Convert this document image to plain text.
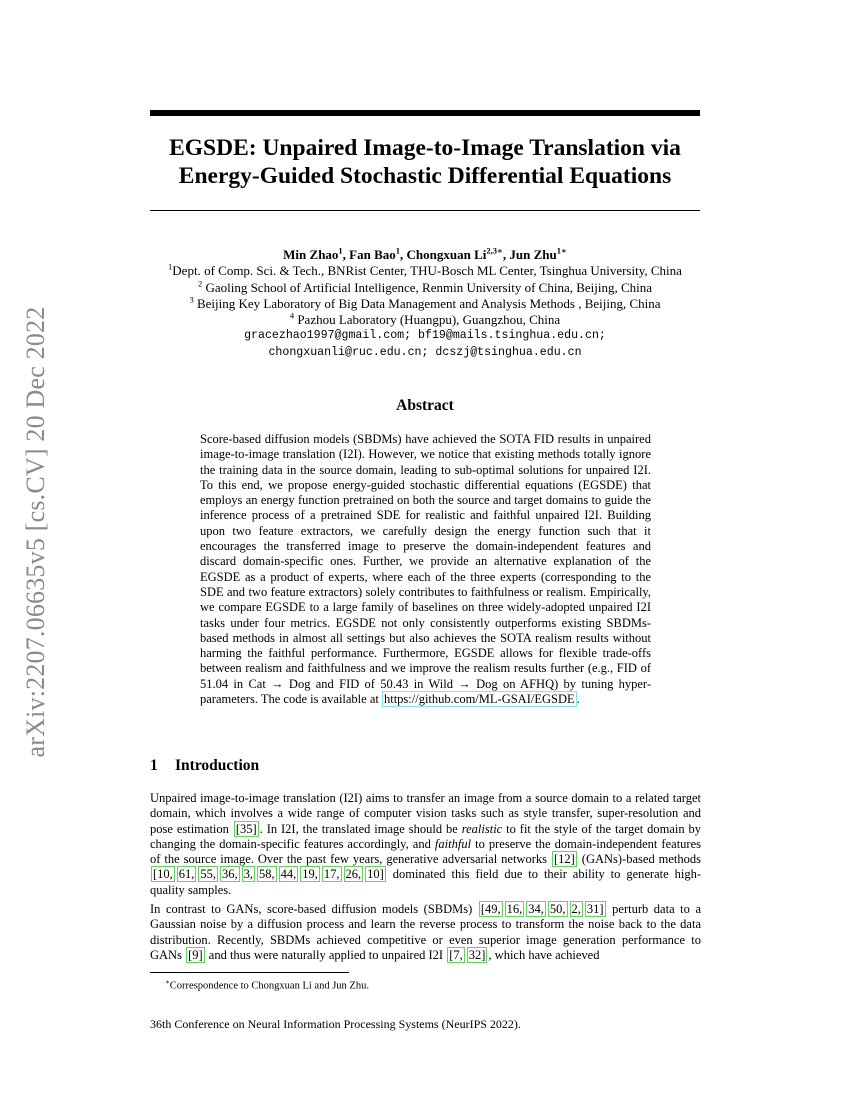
arXiv:2207.06635v5 [cs.CV] 20 Dec 2022
EGSDE: Unpaired Image-to-Image Translation via
Energy-Guided Stochastic Differential Equations
Min Zhao$^1$, Fan Bao$^1$, Chongxuan $Li^{2,3∗}$, Jun Zhu$^{1∗}$
$^1$Dept. of Comp. Sci. & Tech., BNRist Center, THU-Bosch ML Center, Tsinghua University, China
$^2$ Gaoling School of Artificial Intelligence, Renmin University of China, Beijing, China
$^3$ Beijing Key Laboratory of Big Data Management and Analysis Methods , Beijing, China
$^4$ Pazhou Laboratory (Huangpu), Guangzhou, China
gracezhao1997@gmail.com; bf19@mails.tsinghua.edu.cn;
chongxuanli@ruc.edu.cn; dcszj@tsinghua.edu.cn
Abstract
Score-based diffusion models (SBDMs) have achieved the SOTA FID results in unpaired image-to-image translation (I2I). However, we notice that existing methods totally ignore the training data in the source domain, leading to sub-optimal solutions for unpaired I2I. To this end, we propose energy-guided stochastic differential equations (EGSDE) that employs an energy function pretrained on both the source and target domains to guide the inference process of a pretrained SDE for realistic and faithful unpaired I2I. Building upon two feature extractors, we carefully design the energy function such that it encourages the transferred image to preserve the domain-independent features and discard domain-specific ones. Further, we provide an alternative explanation of the EGSDE as a product of experts, where each of the three experts (corresponding to the SDE and two feature extractors) solely contributes to faithfulness or realism. Empirically, we compare EGSDE to a large family of baselines on three widely-adopted unpaired I2I tasks under four metrics. EGSDE not only consistently outperforms existing SBDMs-based methods in almost all settings but also achieves the SOTA realism results without harming the faithful performance. Furthermore, EGSDE allows for flexible trade-offs between realism and faithfulness and we improve the realism results further (e.g., FID of 51.04 in Cat → Dog and FID of 50.43 in Wild → Dog on AFHQ) by tuning hyper-parameters. The code is available at https://github.com/ML-GSAI/EGSDE .
1 Introduction

Unpaired image-to-image translation (I2I) aims to transfer an image from a source domain to a related target domain, which involves a wide range of computer vision tasks such as style transfer, super-resolution and pose estimation [35] . In I2I, the translated image should be realistic to fit the style of the target domain by changing the domain-specific features accordingly, and faithful to preserve the domain-independent features of the source image. Over the past few years, generative adversarial networks [12] (GANs)-based methods [10, 61, 55, 36, 3, 58, 44, 19, 17, 26, 10] dominated this field due to their ability to generate high-quality samples.

In contrast to GANs, score-based diffusion models (SBDMs) [49, 16, 34, 50, 2, 31] perturb data to a Gaussian noise by a diffusion process and learn the reverse process to transform the noise back to the data distribution. Recently, SBDMs achieved competitive or even superior image generation performance to GANs [9] and thus were naturally applied to unpaired I2I [7, 32] , which have achieved

∗Correspondence to Chongxuan Li and Jun Zhu.
36th Conference on Neural Information Processing Systems (NeurIPS 2022).
